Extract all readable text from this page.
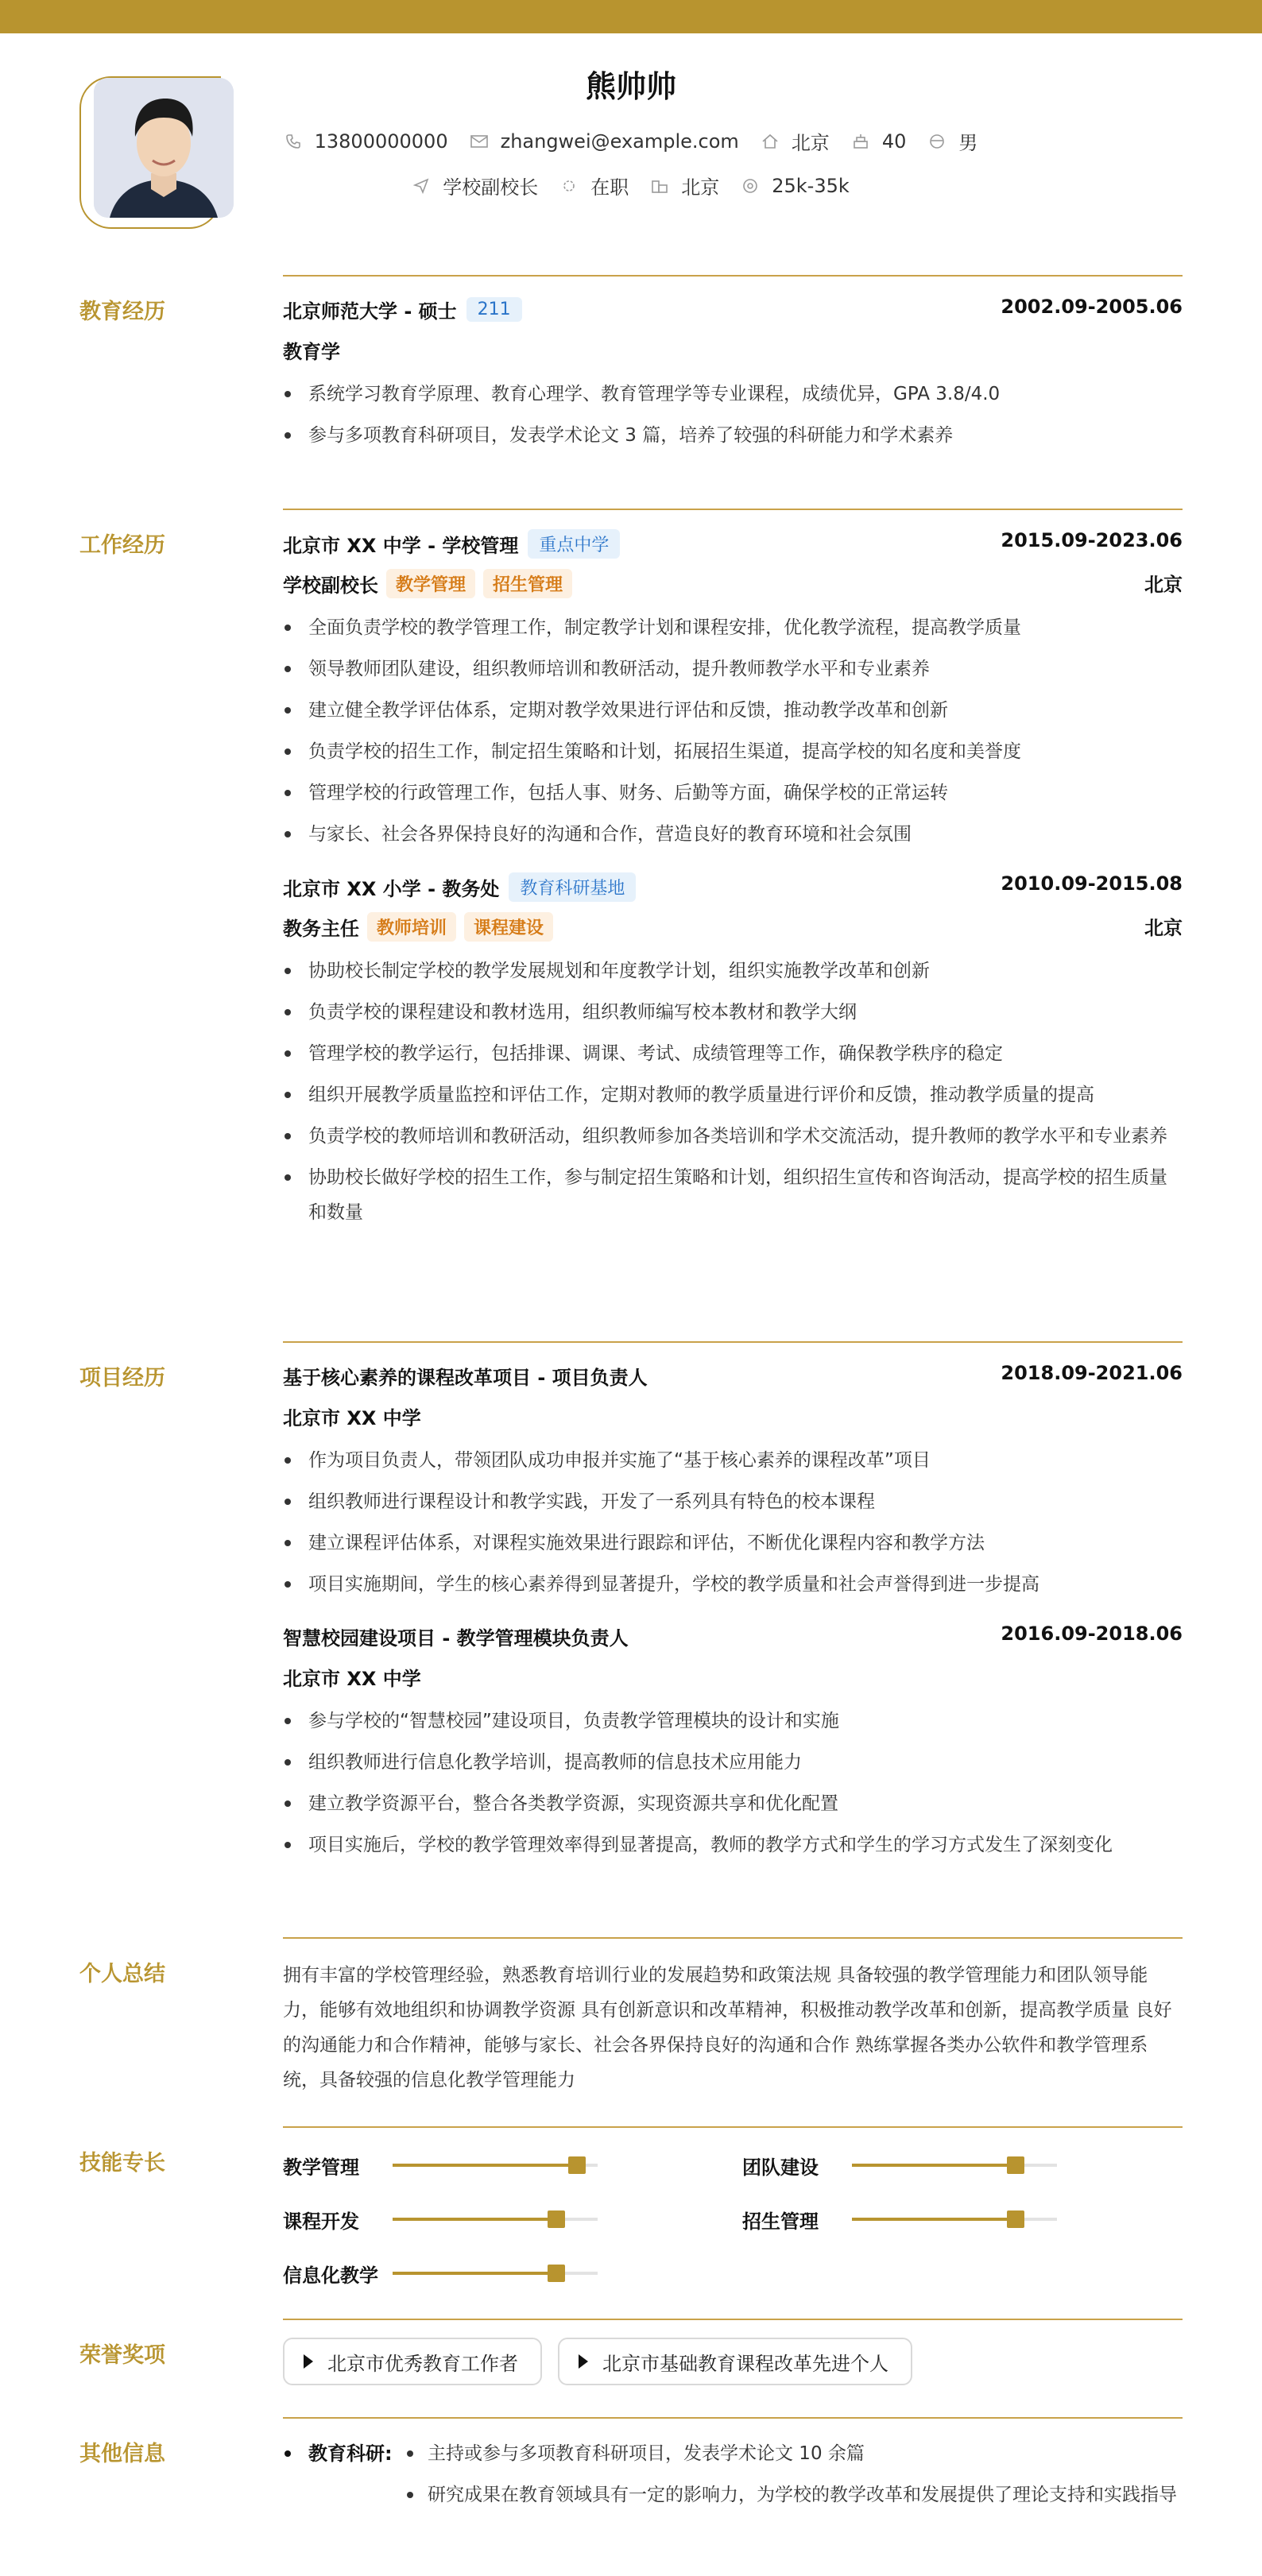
熊帅帅
13800000000	zhangwei@example.com	北京	40	男
学校副校长	在职	北京	25k-35k
教育经历	北京师范大学 - 硕士	211	2002.09-2005.06
教育学
系统学习教育学原理、教育心理学、教育管理学等专业课程，成绩优异，GPA 3.8/4.0
参与多项教育科研项目，发表学术论文 3 篇，培养了较强的科研能力和学术素养
工作经历	北京市 XX 中学 - 学校管理	重点中学	2015.09-2023.06
学校副校长	教学管理	招生管理	北京
全面负责学校的教学管理工作，制定教学计划和课程安排，优化教学流程，提高教学质量
领导教师团队建设，组织教师培训和教研活动，提升教师教学水平和专业素养
建立健全教学评估体系，定期对教学效果进行评估和反馈，推动教学改革和创新
负责学校的招生工作，制定招生策略和计划，拓展招生渠道，提高学校的知名度和美誉度
管理学校的行政管理工作，包括人事、财务、后勤等方面，确保学校的正常运转
与家长、社会各界保持良好的沟通和合作，营造良好的教育环境和社会氛围
北京市 XX 小学 - 教务处	教育科研基地	2010.09-2015.08
教务主任	教师培训	课程建设	北京
协助校长制定学校的教学发展规划和年度教学计划，组织实施教学改革和创新
负责学校的课程建设和教材选用，组织教师编写校本教材和教学大纲
管理学校的教学运行，包括排课、调课、考试、成绩管理等工作，确保教学秩序的稳定
组织开展教学质量监控和评估工作，定期对教师的教学质量进行评价和反馈，推动教学质量的提高
负责学校的教师培训和教研活动，组织教师参加各类培训和学术交流活动，提升教师的教学水平和专业素养
协助校长做好学校的招生工作，参与制定招生策略和计划，组织招生宣传和咨询活动，提高学校的招生质量和数量
项目经历	基于核心素养的课程改革项目 - 项目负责人	2018.09-2021.06
北京市 XX 中学
作为项目负责人，带领团队成功申报并实施了“基于核心素养的课程改革”项目
组织教师进行课程设计和教学实践，开发了一系列具有特色的校本课程
建立课程评估体系，对课程实施效果进行跟踪和评估，不断优化课程内容和教学方法
项目实施期间，学生的核心素养得到显著提升，学校的教学质量和社会声誉得到进一步提高
智慧校园建设项目 - 教学管理模块负责人	2016.09-2018.06
北京市 XX 中学
参与学校的“智慧校园”建设项目，负责教学管理模块的设计和实施
组织教师进行信息化教学培训，提高教师的信息技术应用能力
建立教学资源平台，整合各类教学资源，实现资源共享和优化配置
项目实施后，学校的教学管理效率得到显著提高，教师的教学方式和学生的学习方式发生了深刻变化
个人总结	拥有丰富的学校管理经验，熟悉教育培训行业的发展趋势和政策法规 具备较强的教学管理能力和团队领导能力，能够有效地组织和协调教学资源 具有创新意识和改革精神，积极推动教学改革和创新，提高教学质量 良好的沟通能力和合作精神，能够与家长、社会各界保持良好的沟通和合作 熟练掌握各类办公软件和教学管理系统，具备较强的信息化教学管理能力
技能专长	教学管理	团队建设
课程开发	招生管理
信息化教学
荣誉奖项	北京市优秀教育工作者	北京市基础教育课程改革先进个人
其他信息	教育科研:	主持或参与多项教育科研项目，发表学术论文 10 余篇
研究成果在教育领域具有一定的影响力，为学校的教学改革和发展提供了理论支持和实践指导
